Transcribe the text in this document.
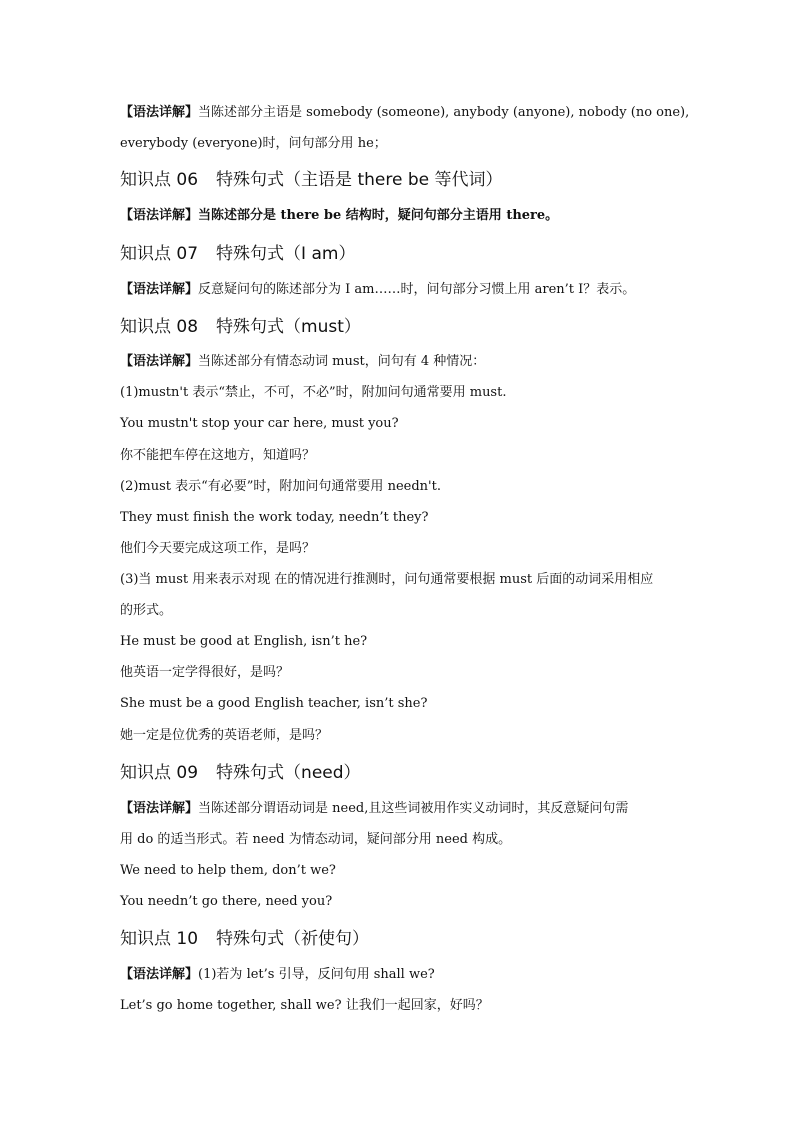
【语法详解】当陈述部分主语是 somebody (someone), anybody (anyone), nobody (no one),
everybody (everyone)时，问句部分用 he；
知识点 06 特殊句式（主语是 there be 等代词）
【语法详解】当陈述部分是 there be 结构时，疑问句部分主语用 there。
知识点 07 特殊句式（I am）
【语法详解】反意疑问句的陈述部分为 I am……时，问句部分习惯上用 aren’t I？表示。
知识点 08 特殊句式（must）
【语法详解】当陈述部分有情态动词 must，问句有 4 种情况：
(1)mustn't 表示“禁止，不可，不必”时，附加问句通常要用 must.
You mustn't stop your car here, must you?
你不能把车停在这地方，知道吗？
(2)must 表示“有必要”时，附加问句通常要用 needn't.
They must finish the work today, needn’t they?
他们今天要完成这项工作，是吗？
(3)当 must 用来表示对现 在的情况进行推测时，问句通常要根据 must 后面的动词采用相应
的形式。
He must be good at English, isn’t he?
他英语一定学得很好，是吗？
She must be a good English teacher, isn’t she?
她一定是位优秀的英语老师，是吗？
知识点 09 特殊句式（need）
【语法详解】当陈述部分谓语动词是 need,且这些词被用作实义动词时，其反意疑问句需
用 do 的适当形式。若 need 为情态动词，疑问部分用 need 构成。
We need to help them, don’t we?
You needn’t go there, need you?
知识点 10 特殊句式（祈使句）
【语法详解】(1)若为 let’s 引导，反问句用 shall we?
Let’s go home together, shall we? 让我们一起回家，好吗？
